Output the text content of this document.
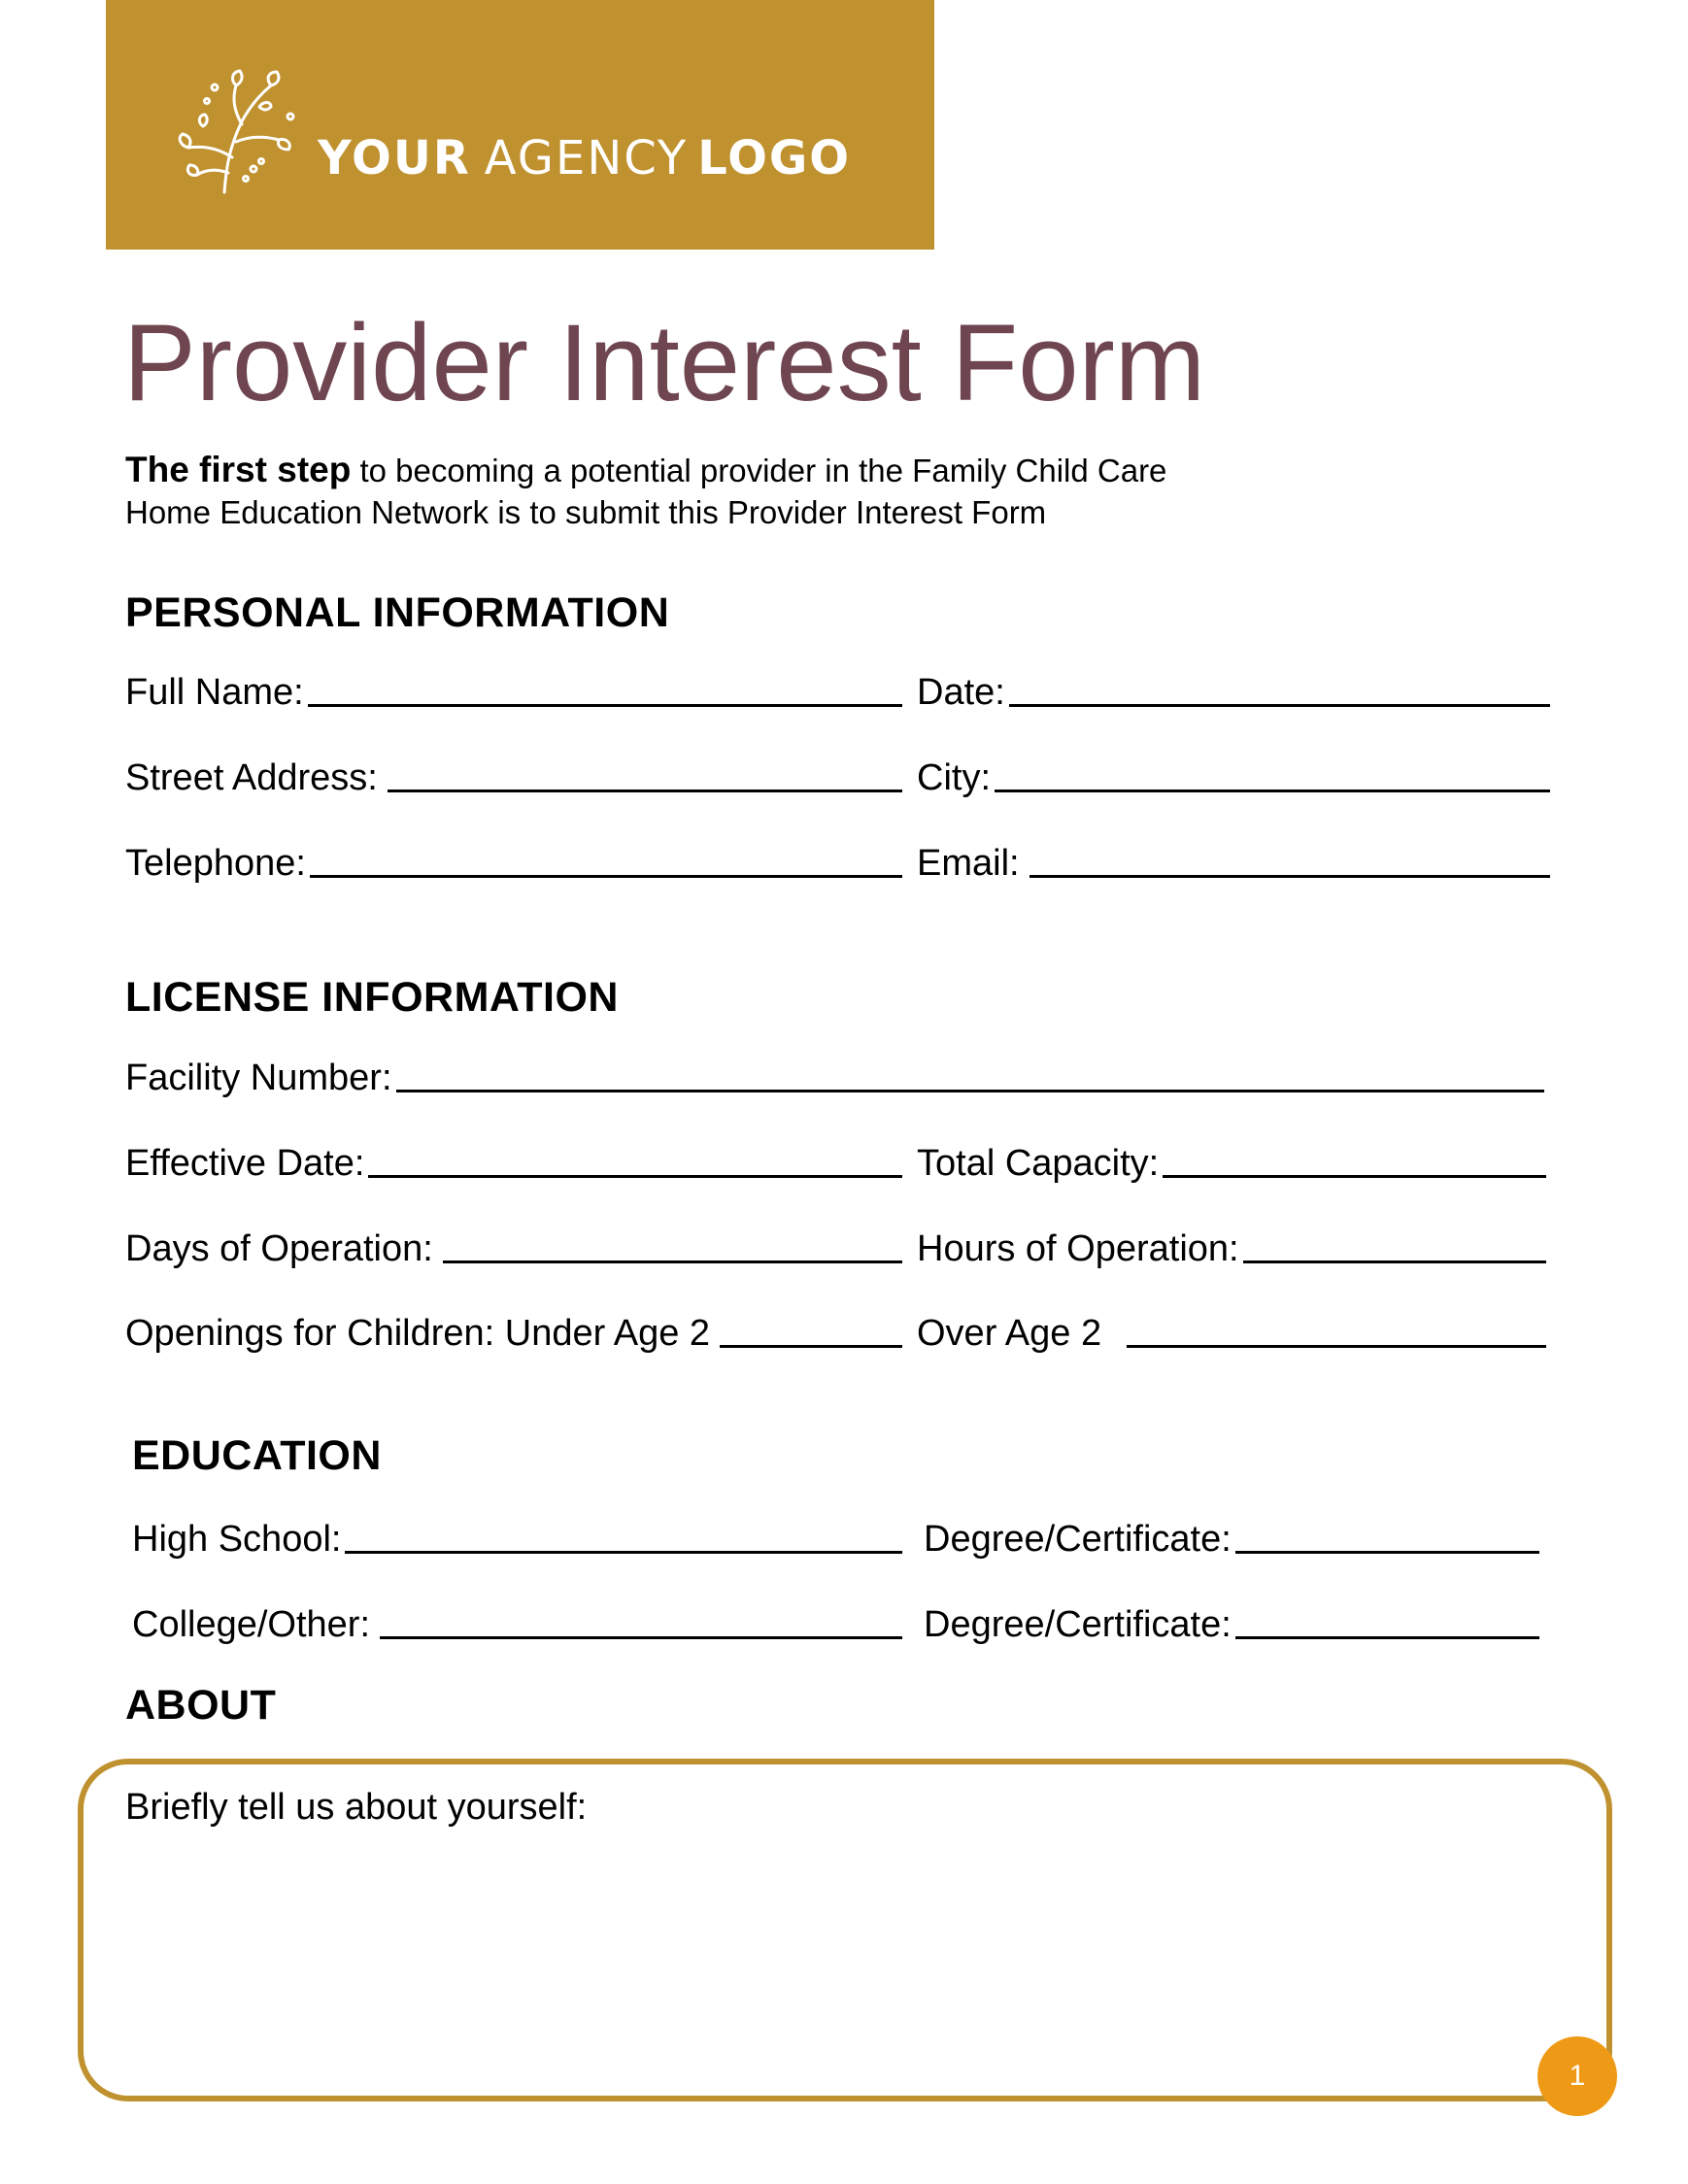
YOUR AGENCY LOGO
Provider Interest Form
The first step to becoming a potential provider in the Family Child Care Home Education Network is to submit this Provider Interest Form
PERSONAL INFORMATION
Full Name:	Date:
Street Address:	City:
Telephone:	Email:
LICENSE INFORMATION
Facility Number:
Effective Date:	Total Capacity:
Days of Operation:	Hours of Operation:
Openings for Children: Under Age 2	Over Age 2
EDUCATION
High School:	Degree/Certificate:
College/Other:	Degree/Certificate:
ABOUT
Briefly tell us about yourself:
1
